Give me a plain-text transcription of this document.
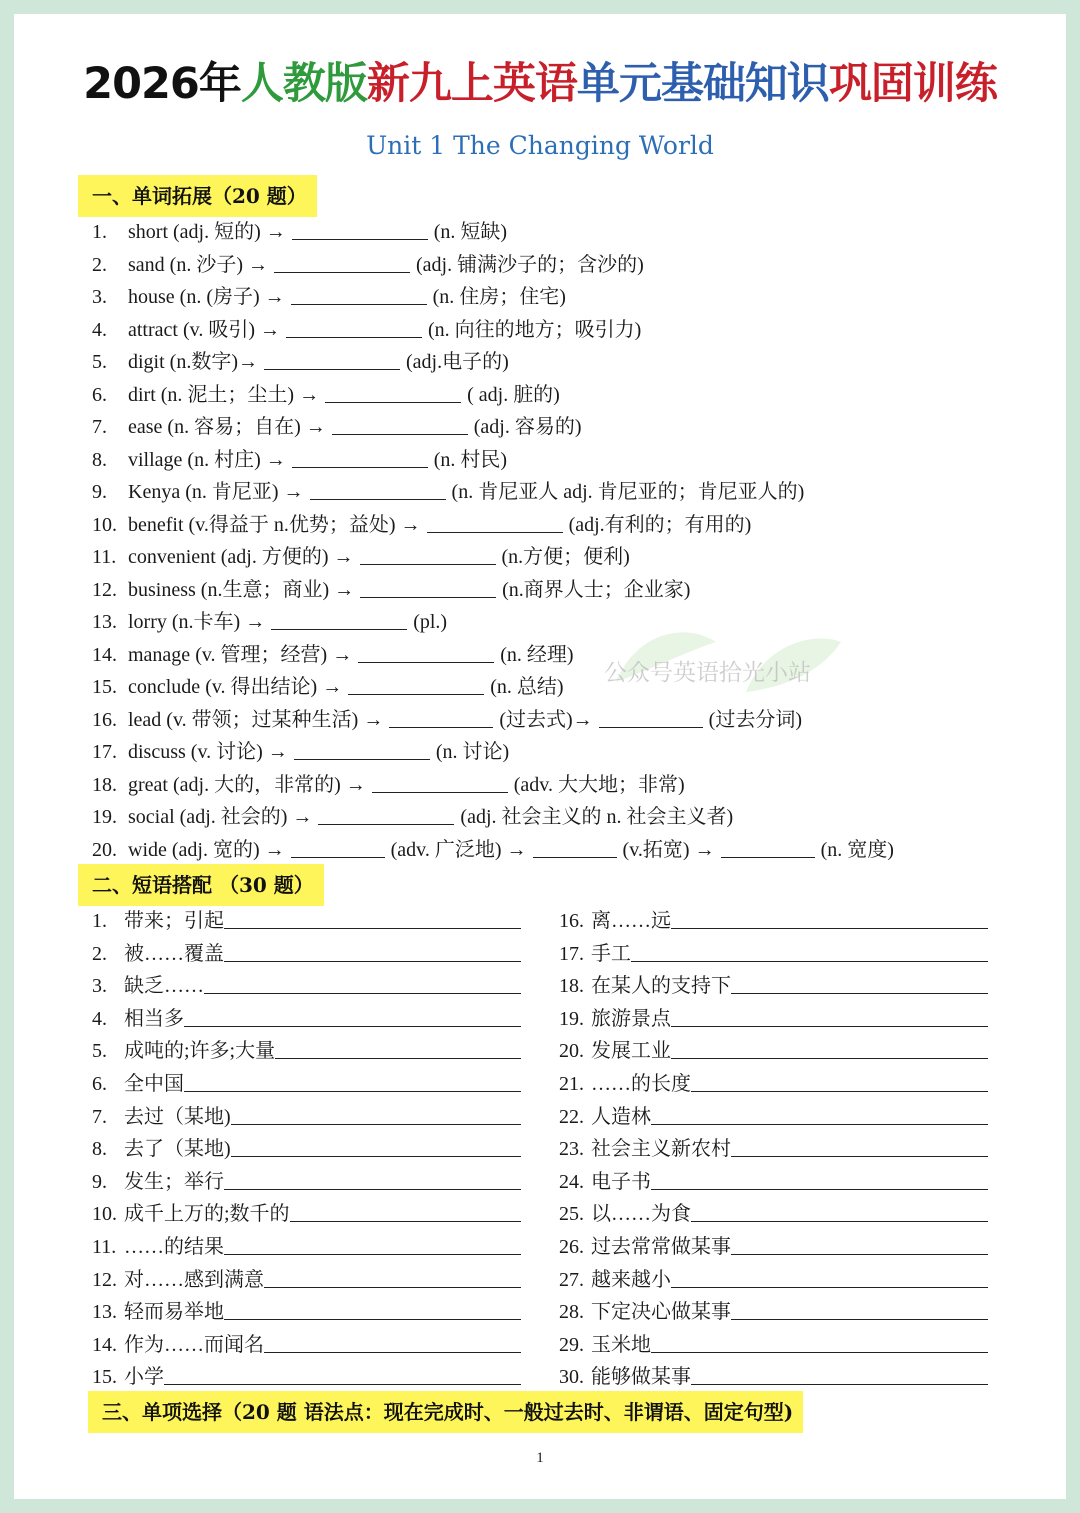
2026年人教版新九上英语单元基础知识巩固训练
Unit 1 The Changing World
一、单词拓展（20 题）
1. short (adj. 短的) →	(n. 短缺)
2. sand (n. 沙子) →	(adj. 铺满沙子的；含沙的)
3. house (n. (房子) →	(n. 住房；住宅)
4. attract (v. 吸引) →	(n. 向往的地方；吸引力)
5. digit (n.数字)→	(adj.电子的)
6. dirt (n. 泥土；尘土) →	( adj. 脏的)
7. ease (n. 容易；自在) →	(adj. 容易的)
8. village (n. 村庄) →	(n. 村民)
9. Kenya (n. 肯尼亚) →	(n. 肯尼亚人 adj. 肯尼亚的；肯尼亚人的)
10. benefit (v.得益于 n.优势；益处) →	(adj.有利的；有用的)
11. convenient (adj. 方便的) →	(n.方便；便利)
12. business (n.生意；商业) →	(n.商界人士；企业家)
13. lorry (n.卡车) →	(pl.)
14. manage (v. 管理；经营) →	(n. 经理)
15. conclude (v. 得出结论) →	(n. 总结)
16. lead (v. 带领；过某种生活) →	(过去式)→	(过去分词)
17. discuss (v. 讨论) →	(n. 讨论)
18. great (adj. 大的，非常的) →	(adv. 大大地；非常)
19. social (adj. 社会的) →	(adj. 社会主义的 n. 社会主义者)
20. wide (adj. 宽的) →	(adv. 广泛地) →	(v.拓宽) →	(n. 宽度)
二、短语搭配 （30 题）
1. 带来；引起
2. 被……覆盖
3. 缺乏……
4. 相当多
5. 成吨的;许多;大量
6. 全中国
7. 去过（某地)
8. 去了（某地)
9. 发生；举行
10. 成千上万的;数千的
11. ……的结果
12. 对……感到满意
13. 轻而易举地
14. 作为……而闻名
15. 小学
16. 离……远
17. 手工
18. 在某人的支持下
19. 旅游景点
20. 发展工业
21. ……的长度
22. 人造林
23. 社会主义新农村
24. 电子书
25. 以……为食
26. 过去常常做某事
27. 越来越小
28. 下定决心做某事
29. 玉米地
30. 能够做某事
公众号英语拾光小站
三、单项选择（20 题 语法点：现在完成时、一般过去时、非谓语、固定句型)
1
